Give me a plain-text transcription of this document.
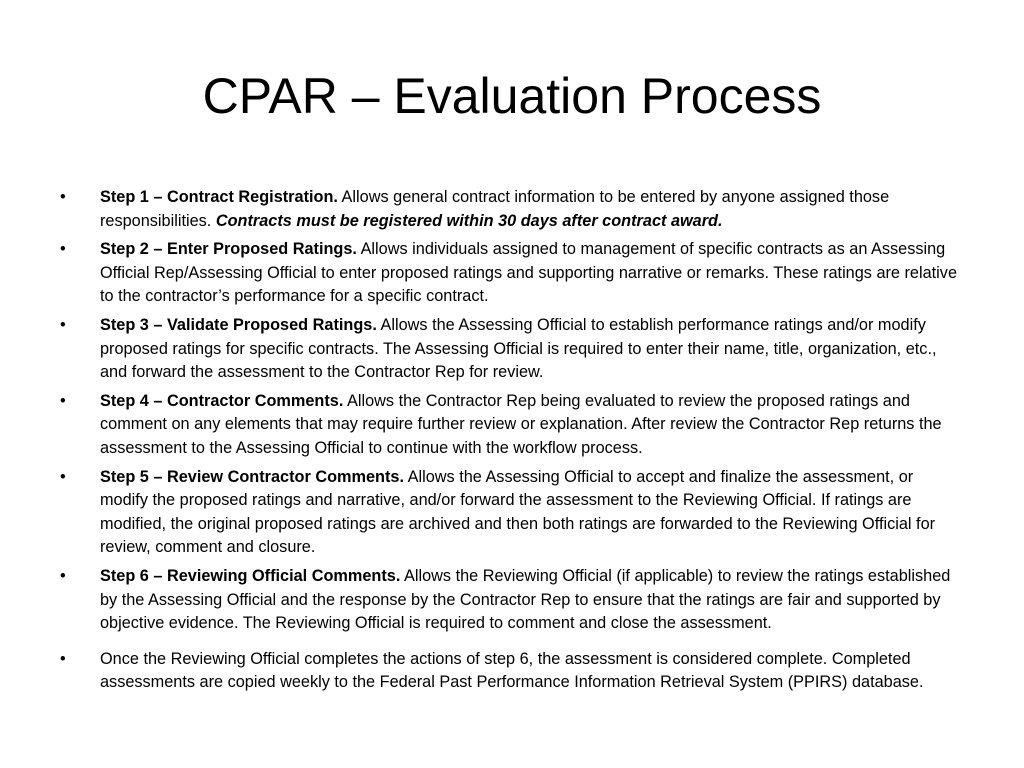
CPAR – Evaluation Process
•	Step 1 – Contract Registration. Allows general contract information to be entered by anyone assigned those responsibilities. Contracts must be registered within 30 days after contract award.
•	Step 2 – Enter Proposed Ratings. Allows individuals assigned to management of specific contracts as an Assessing Official Rep/Assessing Official to enter proposed ratings and supporting narrative or remarks. These ratings are relative to the contractor’s performance for a specific contract.
•	Step 3 – Validate Proposed Ratings. Allows the Assessing Official to establish performance ratings and/or modify proposed ratings for specific contracts. The Assessing Official is required to enter their name, title, organization, etc., and forward the assessment to the Contractor Rep for review.
•	Step 4 – Contractor Comments. Allows the Contractor Rep being evaluated to review the proposed ratings and comment on any elements that may require further review or explanation. After review the Contractor Rep returns the assessment to the Assessing Official to continue with the workflow process.
•	Step 5 – Review Contractor Comments. Allows the Assessing Official to accept and finalize the assessment, or modify the proposed ratings and narrative, and/or forward the assessment to the Reviewing Official. If ratings are modified, the original proposed ratings are archived and then both ratings are forwarded to the Reviewing Official for review, comment and closure.
•	Step 6 – Reviewing Official Comments. Allows the Reviewing Official (if applicable) to review the ratings established by the Assessing Official and the response by the Contractor Rep to ensure that the ratings are fair and supported by objective evidence. The Reviewing Official is required to comment and close the assessment.
•	Once the Reviewing Official completes the actions of step 6, the assessment is considered complete. Completed assessments are copied weekly to the Federal Past Performance Information Retrieval System (PPIRS) database.
